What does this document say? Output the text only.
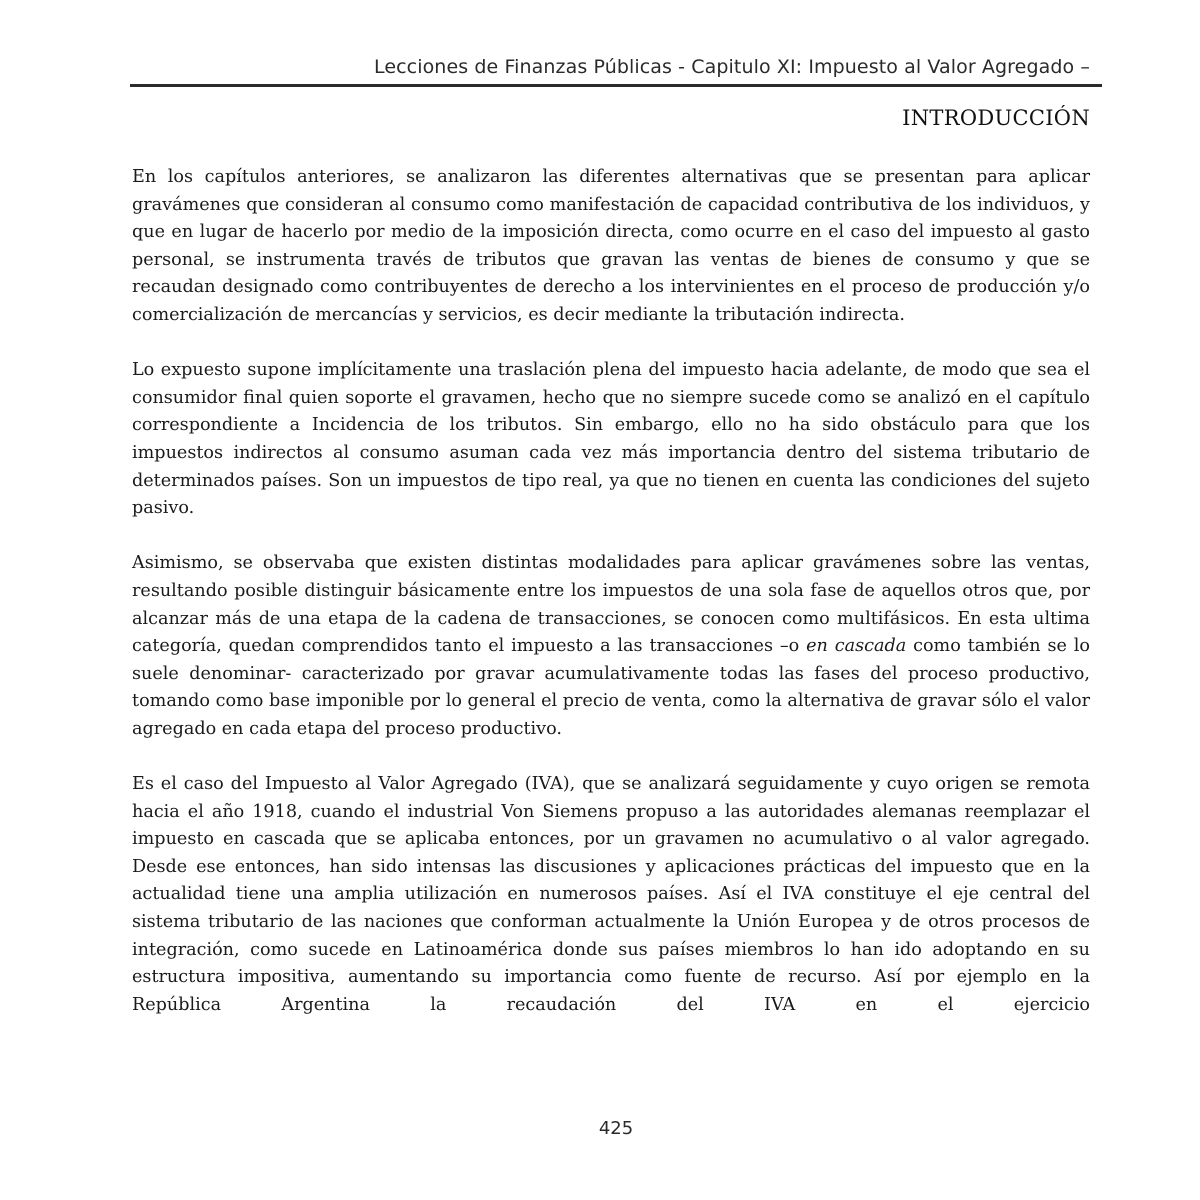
Lecciones de Finanzas Públicas - Capitulo XI: Impuesto al Valor Agregado –
INTRODUCCIÓN

En los capítulos anteriores, se analizaron las diferentes alternativas que se presentan para aplicar gravámenes que consideran al consumo como manifestación de capacidad contributiva de los individuos, y que en lugar de hacerlo por medio de la imposición directa, como ocurre en el caso del impuesto al gasto personal, se instrumenta través de tributos que gravan las ventas de bienes de consumo y que se recaudan designado como contribuyentes de derecho a los intervinientes en el proceso de producción y/o comercialización de mercancías y servicios, es decir mediante la tributación indirecta.

Lo expuesto supone implícitamente una traslación plena del impuesto hacia adelante, de modo que sea el consumidor final quien soporte el gravamen, hecho que no siempre sucede como se analizó en el capítulo correspondiente a Incidencia de los tributos. Sin embargo, ello no ha sido obstáculo para que los impuestos indirectos al consumo asuman cada vez más importancia dentro del sistema tributario de determinados países. Son un impuestos de tipo real, ya que no tienen en cuenta las condiciones del sujeto pasivo.

Asimismo, se observaba que existen distintas modalidades para aplicar gravámenes sobre las ventas, resultando posible distinguir básicamente entre los impuestos de una sola fase de aquellos otros que, por alcanzar más de una etapa de la cadena de transacciones, se conocen como multifásicos. En esta ultima categoría, quedan comprendidos tanto el impuesto a las transacciones –o en cascada como también se lo suele denominar- caracterizado por gravar acumulativamente todas las fases del proceso productivo, tomando como base imponible por lo general el precio de venta, como la alternativa de gravar sólo el valor agregado en cada etapa del proceso productivo.

Es el caso del Impuesto al Valor Agregado (IVA), que se analizará seguidamente y cuyo origen se remota hacia el año 1918, cuando el industrial Von Siemens propuso a las autoridades alemanas reemplazar el impuesto en cascada que se aplicaba entonces, por un gravamen no acumulativo o al valor agregado. Desde ese entonces, han sido intensas las discusiones y aplicaciones prácticas del impuesto que en la actualidad tiene una amplia utilización en numerosos países. Así el IVA constituye el eje central del sistema tributario de las naciones que conforman actualmente la Unión Europea y de otros procesos de integración, como sucede en Latinoamérica donde sus países miembros lo han ido adoptando en su estructura impositiva, aumentando su importancia como fuente de recurso. Así por ejemplo en la República Argentina la recaudación del IVA en el ejercicio

425
